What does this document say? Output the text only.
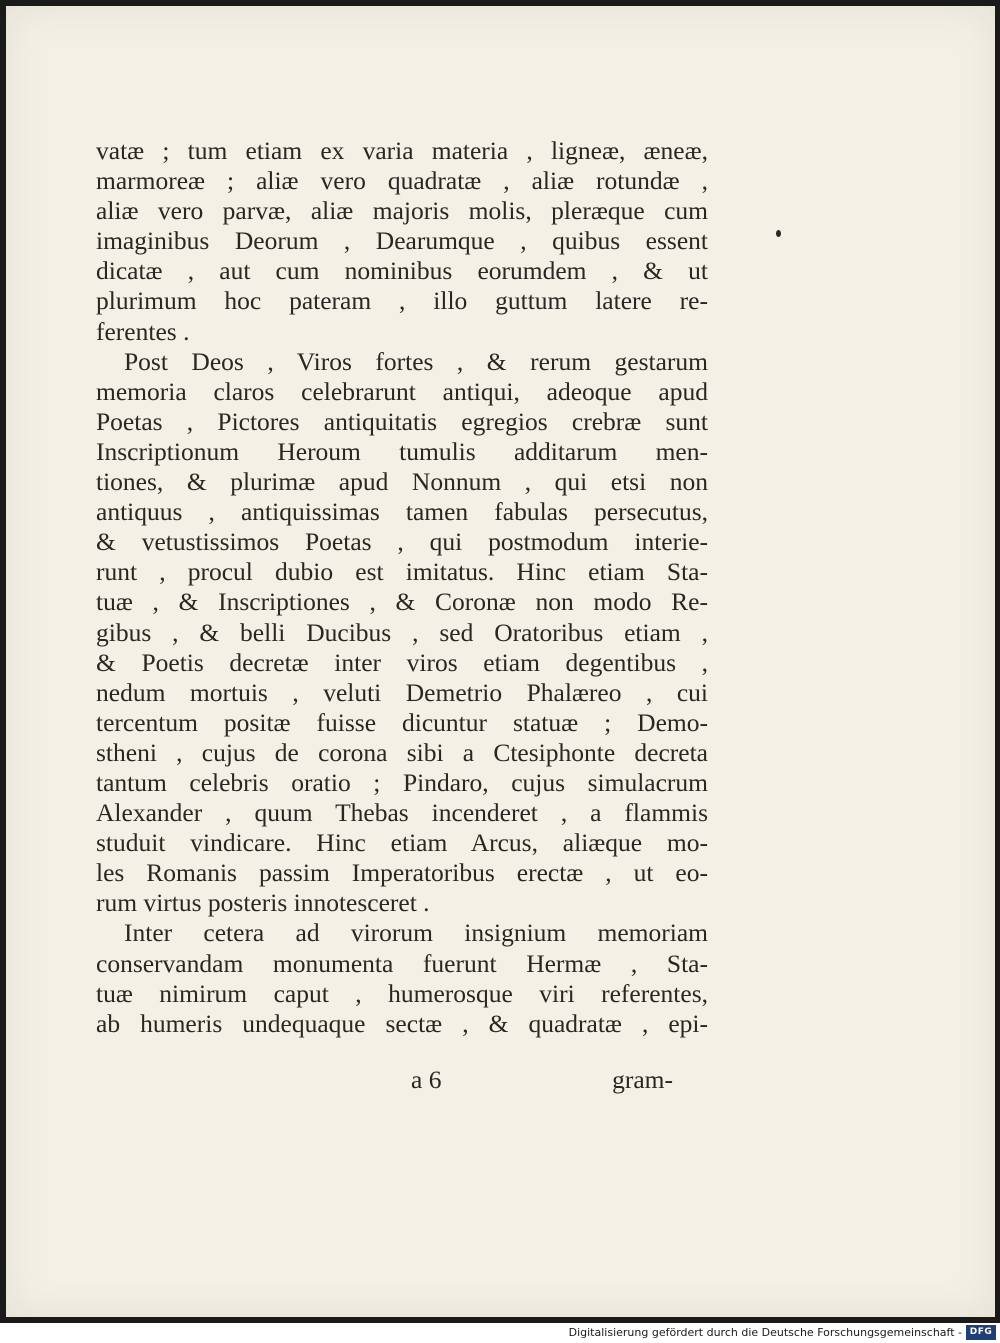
vatæ ; tum etiam ex varia materia , ligneæ, æneæ,
marmoreæ ; aliæ vero quadratæ , aliæ rotundæ ,
aliæ vero parvæ, aliæ majoris molis, pleræque cum
imaginibus Deorum , Dearumque , quibus essent
dicatæ , aut cum nominibus eorumdem , & ut
plurimum hoc pateram , illo guttum latere re-
ferentes .
Post Deos , Viros fortes , & rerum gestarum
memoria claros celebrarunt antiqui, adeoque apud
Poetas , Pictores antiquitatis egregios crebræ sunt
Inscriptionum Heroum tumulis additarum men-
tiones, & plurimæ apud Nonnum , qui etsi non
antiquus , antiquissimas tamen fabulas persecutus,
& vetustissimos Poetas , qui postmodum interie-
runt , procul dubio est imitatus. Hinc etiam Sta-
tuæ , & Inscriptiones , & Coronæ non modo Re-
gibus , & belli Ducibus , sed Oratoribus etiam ,
& Poetis decretæ inter viros etiam degentibus ,
nedum mortuis , veluti Demetrio Phalæreo , cui
tercentum positæ fuisse dicuntur statuæ ; Demo-
stheni , cujus de corona sibi a Ctesiphonte decreta
tantum celebris oratio ; Pindaro, cujus simulacrum
Alexander , quum Thebas incenderet , a flammis
studuit vindicare. Hinc etiam Arcus, aliæque mo-
les Romanis passim Imperatoribus erectæ , ut eo-
rum virtus posteris innotesceret .
Inter cetera ad virorum insignium memoriam
conservandam monumenta fuerunt Hermæ , Sta-
tuæ nimirum caput , humerosque viri referentes,
ab humeris undequaque sectæ , & quadratæ , epi-
a 6	gram-
Digitalisierung gefördert durch die Deutsche Forschungsgemeinschaft - DFG
